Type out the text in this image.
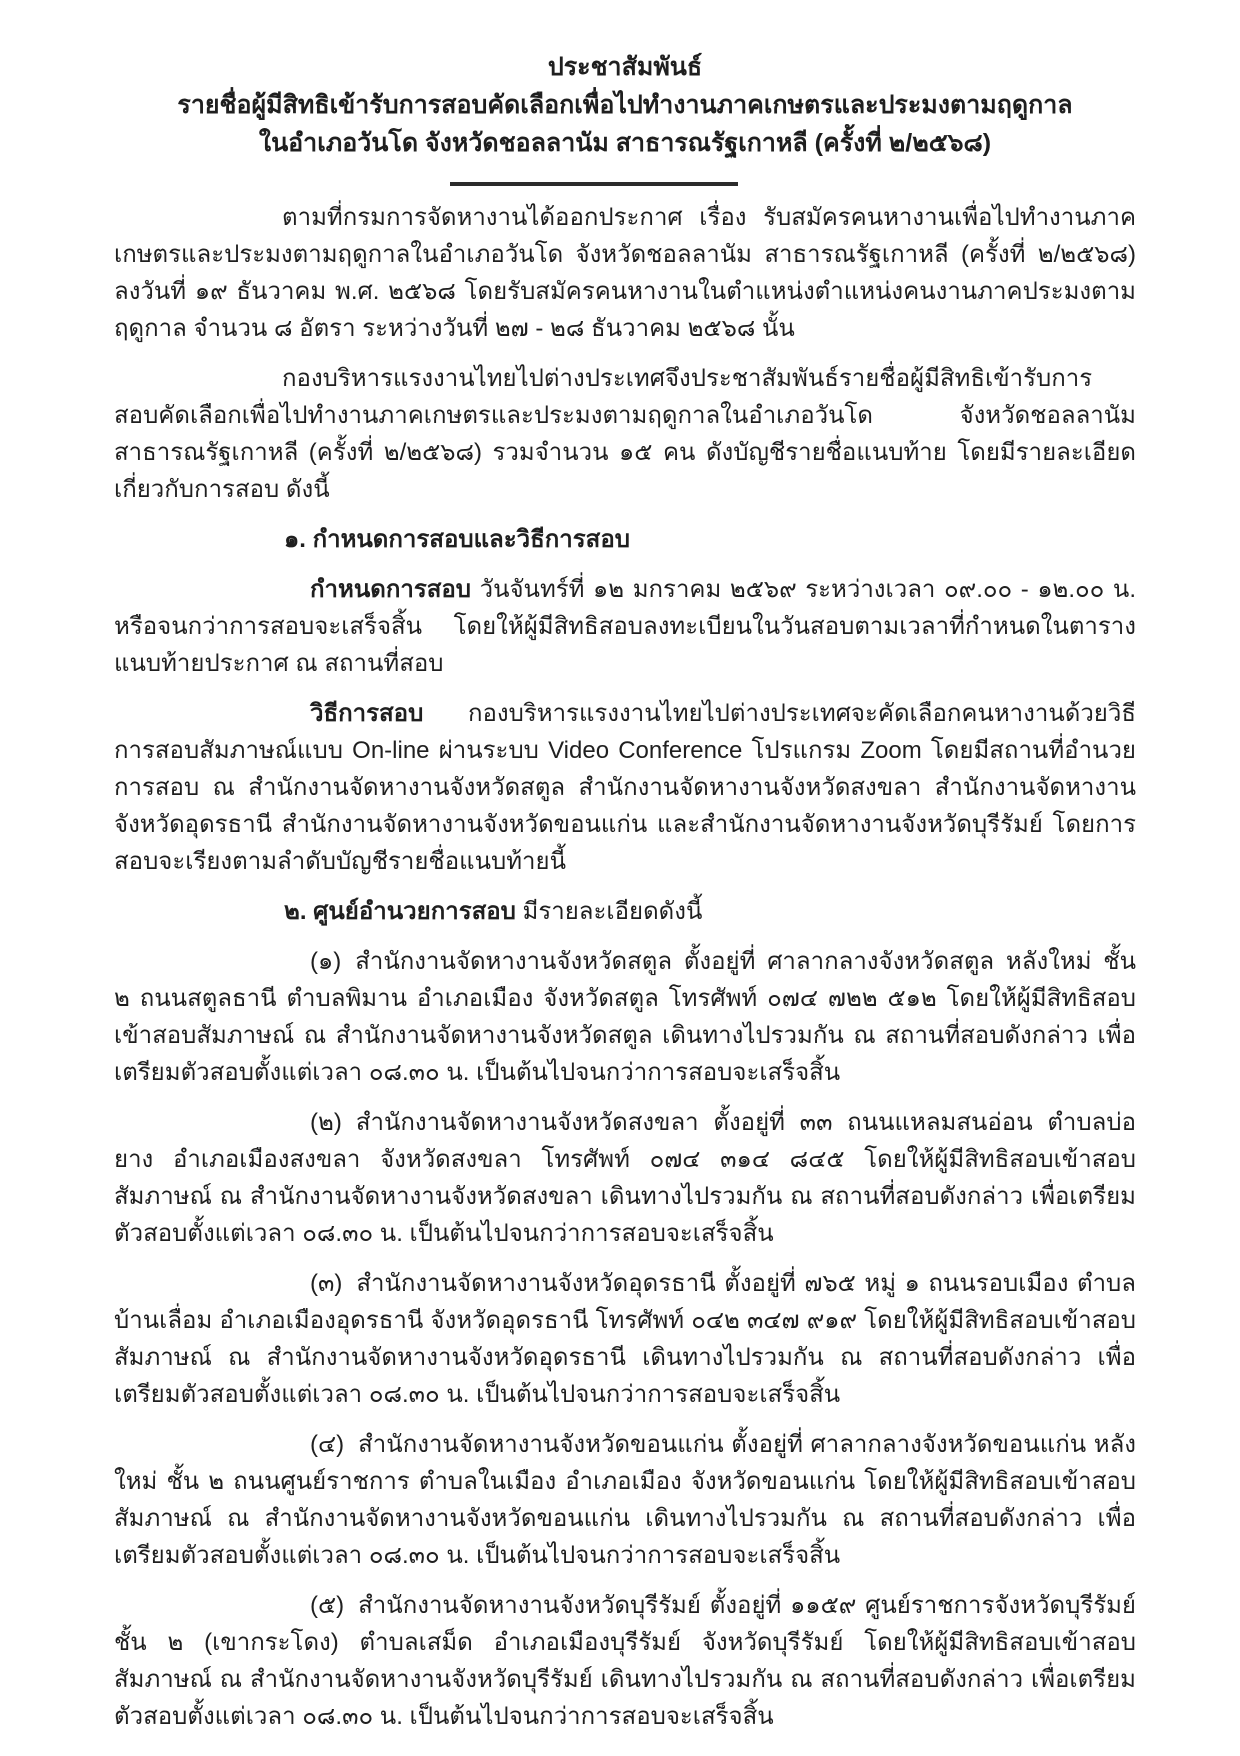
ประชาสัมพันธ์
รายชื่อผู้มีสิทธิเข้ารับการสอบคัดเลือกเพื่อไปทำงานภาคเกษตรและประมงตามฤดูกาล
ในอำเภอวันโด จังหวัดชอลลานัม สาธารณรัฐเกาหลี (ครั้งที่ ๒/๒๕๖๘)

ตามที่กรมการจัดหางานได้ออกประกาศ เรื่อง รับสมัครคนหางานเพื่อไปทำงานภาคเกษตรและประมงตามฤดูกาลในอำเภอวันโด จังหวัดชอลลานัม สาธารณรัฐเกาหลี (ครั้งที่ ๒/๒๕๖๘) ลงวันที่ ๑๙ ธันวาคม พ.ศ. ๒๕๖๘ โดยรับสมัครคนหางานในตำแหน่งตำแหน่งคนงานภาคประมงตามฤดูกาล จำนวน ๘ อัตรา ระหว่างวันที่ ๒๗ - ๒๘ ธันวาคม ๒๕๖๘ นั้น

กองบริหารแรงงานไทยไปต่างประเทศจึงประชาสัมพันธ์รายชื่อผู้มีสิทธิเข้ารับการสอบคัดเลือกเพื่อไปทำงานภาคเกษตรและประมงตามฤดูกาลในอำเภอวันโด จังหวัดชอลลานัม สาธารณรัฐเกาหลี (ครั้งที่ ๒/๒๕๖๘) รวมจำนวน ๑๕ คน ดังบัญชีรายชื่อแนบท้าย โดยมีรายละเอียดเกี่ยวกับการสอบ ดังนี้

๑. กำหนดการสอบและวิธีการสอบ

กำหนดการสอบ วันจันทร์ที่ ๑๒ มกราคม ๒๕๖๙ ระหว่างเวลา ๐๙.๐๐ - ๑๒.๐๐ น. หรือจนกว่าการสอบจะเสร็จสิ้น โดยให้ผู้มีสิทธิสอบลงทะเบียนในวันสอบตามเวลาที่กำหนดในตารางแนบท้ายประกาศ ณ สถานที่สอบ

วิธีการสอบ กองบริหารแรงงานไทยไปต่างประเทศจะคัดเลือกคนหางานด้วยวิธีการสอบสัมภาษณ์แบบ On-line ผ่านระบบ Video Conference โปรแกรม Zoom โดยมีสถานที่อำนวยการสอบ ณ สำนักงานจัดหางานจังหวัดสตูล สำนักงานจัดหางานจังหวัดสงขลา สำนักงานจัดหางานจังหวัดอุดรธานี สำนักงานจัดหางานจังหวัดขอนแก่น และสำนักงานจัดหางานจังหวัดบุรีรัมย์ โดยการสอบจะเรียงตามลำดับบัญชีรายชื่อแนบท้ายนี้

๒. ศูนย์อำนวยการสอบ มีรายละเอียดดังนี้

(๑) สำนักงานจัดหางานจังหวัดสตูล ตั้งอยู่ที่ ศาลากลางจังหวัดสตูล หลังใหม่ ชั้น ๒ ถนนสตูลธานี ตำบลพิมาน อำเภอเมือง จังหวัดสตูล โทรศัพท์ ๐๗๔ ๗๒๒ ๕๑๒ โดยให้ผู้มีสิทธิสอบเข้าสอบสัมภาษณ์ ณ สำนักงานจัดหางานจังหวัดสตูล เดินทางไปรวมกัน ณ สถานที่สอบดังกล่าว เพื่อเตรียมตัวสอบตั้งแต่เวลา ๐๘.๓๐ น. เป็นต้นไปจนกว่าการสอบจะเสร็จสิ้น

(๒) สำนักงานจัดหางานจังหวัดสงขลา ตั้งอยู่ที่ ๓๓ ถนนแหลมสนอ่อน ตำบลบ่อยาง อำเภอเมืองสงขลา จังหวัดสงขลา โทรศัพท์ ๐๗๔ ๓๑๔ ๘๔๕ โดยให้ผู้มีสิทธิสอบเข้าสอบสัมภาษณ์ ณ สำนักงานจัดหางานจังหวัดสงขลา เดินทางไปรวมกัน ณ สถานที่สอบดังกล่าว เพื่อเตรียมตัวสอบตั้งแต่เวลา ๐๘.๓๐ น. เป็นต้นไปจนกว่าการสอบจะเสร็จสิ้น

(๓) สำนักงานจัดหางานจังหวัดอุดรธานี ตั้งอยู่ที่ ๗๖๕ หมู่ ๑ ถนนรอบเมือง ตำบลบ้านเลื่อม อำเภอเมืองอุดรธานี จังหวัดอุดรธานี โทรศัพท์ ๐๔๒ ๓๔๗ ๙๑๙ โดยให้ผู้มีสิทธิสอบเข้าสอบสัมภาษณ์ ณ สำนักงานจัดหางานจังหวัดอุดรธานี เดินทางไปรวมกัน ณ สถานที่สอบดังกล่าว เพื่อเตรียมตัวสอบตั้งแต่เวลา ๐๘.๓๐ น. เป็นต้นไปจนกว่าการสอบจะเสร็จสิ้น

(๔) สำนักงานจัดหางานจังหวัดขอนแก่น ตั้งอยู่ที่ ศาลากลางจังหวัดขอนแก่น หลังใหม่ ชั้น ๒ ถนนศูนย์ราชการ ตำบลในเมือง อำเภอเมือง จังหวัดขอนแก่น โดยให้ผู้มีสิทธิสอบเข้าสอบสัมภาษณ์ ณ สำนักงานจัดหางานจังหวัดขอนแก่น เดินทางไปรวมกัน ณ สถานที่สอบดังกล่าว เพื่อเตรียมตัวสอบตั้งแต่เวลา ๐๘.๓๐ น. เป็นต้นไปจนกว่าการสอบจะเสร็จสิ้น

(๕) สำนักงานจัดหางานจังหวัดบุรีรัมย์ ตั้งอยู่ที่ ๑๑๕๙ ศูนย์ราชการจังหวัดบุรีรัมย์ ชั้น ๒ (เขากระโดง) ตำบลเสม็ด อำเภอเมืองบุรีรัมย์ จังหวัดบุรีรัมย์ โดยให้ผู้มีสิทธิสอบเข้าสอบสัมภาษณ์ ณ สำนักงานจัดหางานจังหวัดบุรีรัมย์ เดินทางไปรวมกัน ณ สถานที่สอบดังกล่าว เพื่อเตรียมตัวสอบตั้งแต่เวลา ๐๘.๓๐ น. เป็นต้นไปจนกว่าการสอบจะเสร็จสิ้น
